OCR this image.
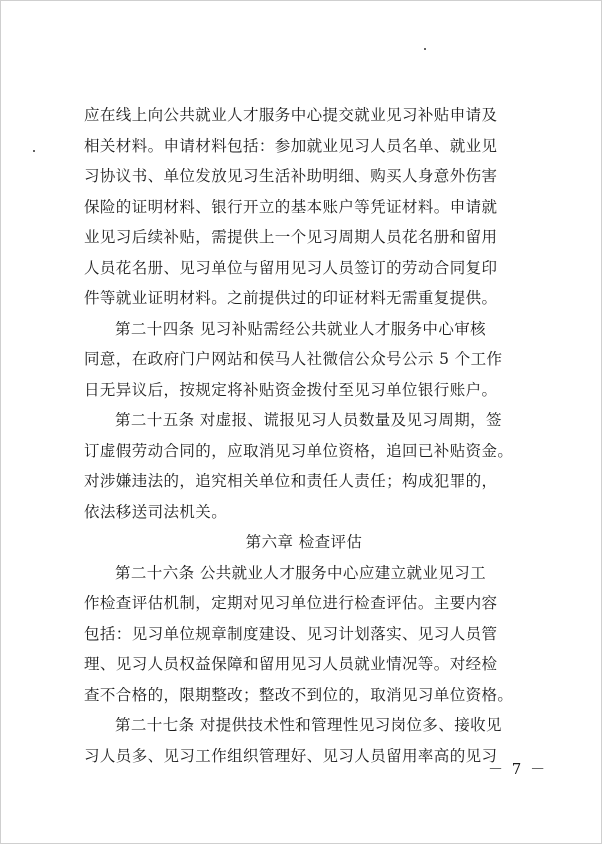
应在线上向公共就业人才服务中心提交就业见习补贴申请及
相关材料。申请材料包括：参加就业见习人员名单、就业见
习协议书、单位发放见习生活补助明细、购买人身意外伤害
保险的证明材料、银行开立的基本账户等凭证材料。申请就
业见习后续补贴，需提供上一个见习周期人员花名册和留用
人员花名册、见习单位与留用见习人员签订的劳动合同复印
件等就业证明材料。之前提供过的印证材料无需重复提供。
第二十四条 见习补贴需经公共就业人才服务中心审核
同意，在政府门户网站和侯马人社微信公众号公示 5 个工作
日无异议后，按规定将补贴资金拨付至见习单位银行账户。
第二十五条 对虚报、谎报见习人员数量及见习周期，签
订虚假劳动合同的，应取消见习单位资格，追回已补贴资金。
对涉嫌违法的，追究相关单位和责任人责任；构成犯罪的，
依法移送司法机关。
第六章 检查评估
第二十六条 公共就业人才服务中心应建立就业见习工
作检查评估机制，定期对见习单位进行检查评估。主要内容
包括：见习单位规章制度建设、见习计划落实、见习人员管
理、见习人员权益保障和留用见习人员就业情况等。对经检
查不合格的，限期整改；整改不到位的，取消见习单位资格。
第二十七条 对提供技术性和管理性见习岗位多、接收见
习人员多、见习工作组织管理好、见习人员留用率高的见习
－ 7 －
